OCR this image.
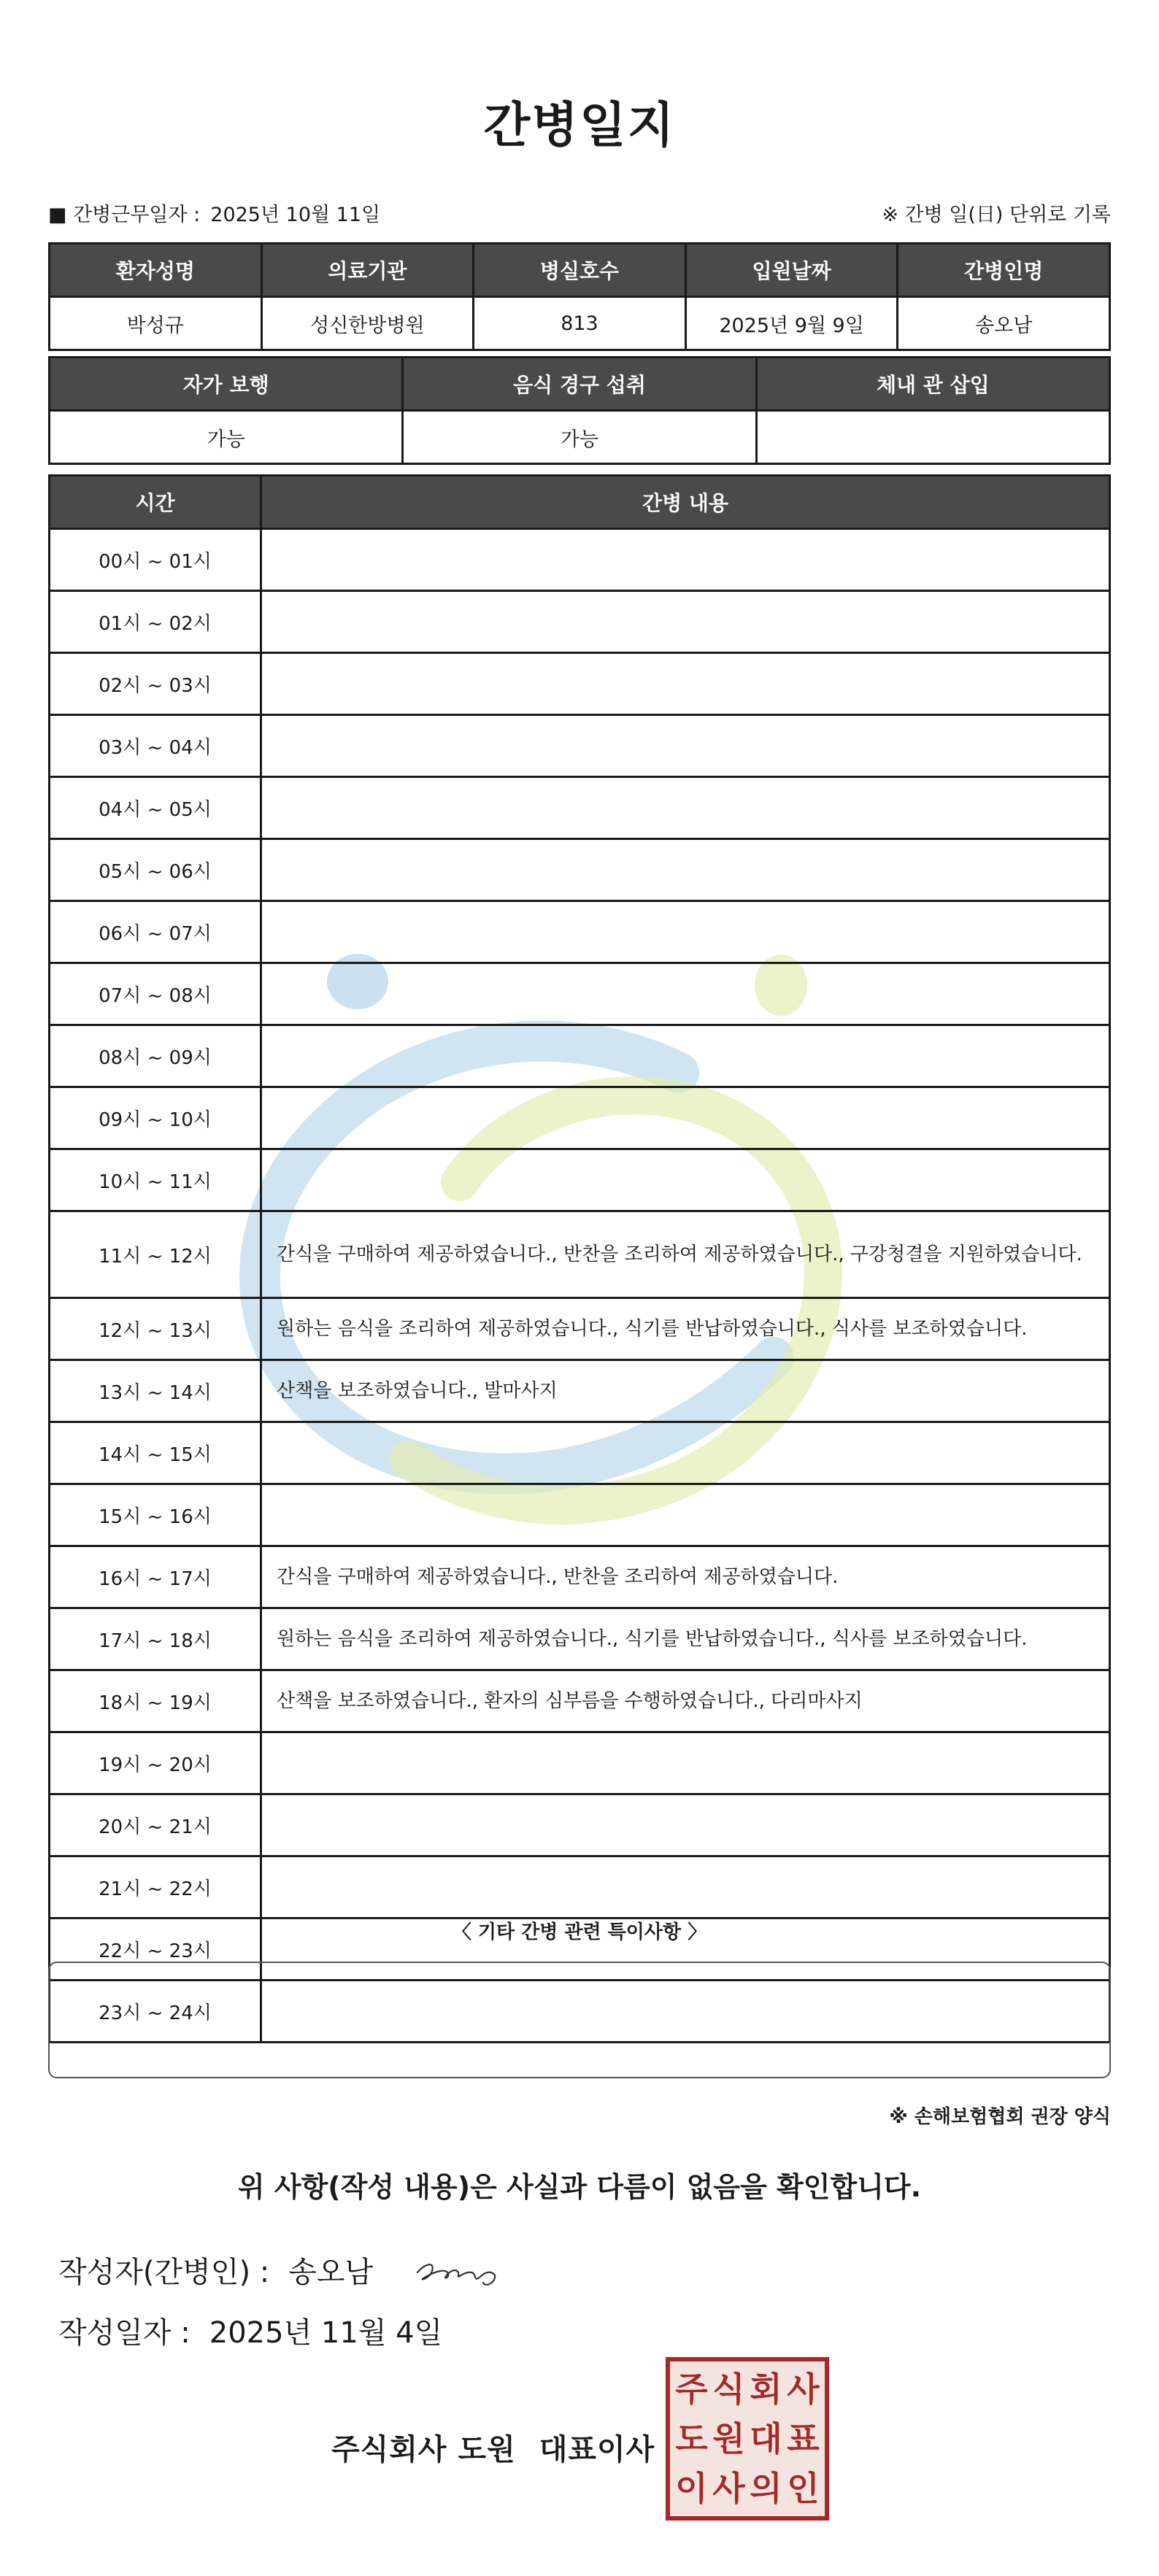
간병일지
■ 간병근무일자 : 2025년 10월 11일	※ 간병 일(日) 단위로 기록
환자성명	의료기관	병실호수	입원날짜	간병인명
박성규	성신한방병원	813	2025년 9월 9일	송오남
자가 보행	음식 경구 섭취	체내 관 삽입
가능	가능	
시간	간병 내용
00시 ~ 01시	
01시 ~ 02시	
02시 ~ 03시	
03시 ~ 04시	
04시 ~ 05시	
05시 ~ 06시	
06시 ~ 07시	
07시 ~ 08시	
08시 ~ 09시	
09시 ~ 10시	
10시 ~ 11시	
11시 ~ 12시	간식을 구매하여 제공하였습니다., 반찬을 조리하여 제공하였습니다., 구강청결을 지원하였습니다.
12시 ~ 13시	원하는 음식을 조리하여 제공하였습니다., 식기를 반납하였습니다., 식사를 보조하였습니다.
13시 ~ 14시	산책을 보조하였습니다., 발마사지
14시 ~ 15시	
15시 ~ 16시	
16시 ~ 17시	간식을 구매하여 제공하였습니다., 반찬을 조리하여 제공하였습니다.
17시 ~ 18시	원하는 음식을 조리하여 제공하였습니다., 식기를 반납하였습니다., 식사를 보조하였습니다.
18시 ~ 19시	산책을 보조하였습니다., 환자의 심부름을 수행하였습니다., 다리마사지
19시 ~ 20시	
20시 ~ 21시	
21시 ~ 22시	
22시 ~ 23시	
23시 ~ 24시	
〈 기타 간병 관련 특이사항 〉
※ 손해보험협회 권장 양식
위 사항(작성 내용)은 사실과 다름이 없음을 확인합니다.
작성자(간병인) : 송오남
작성일자 : 2025년 11월 4일
주식회사 도원 대표이사
주 식 회 사
도 원 대 표
이 사 의 인
